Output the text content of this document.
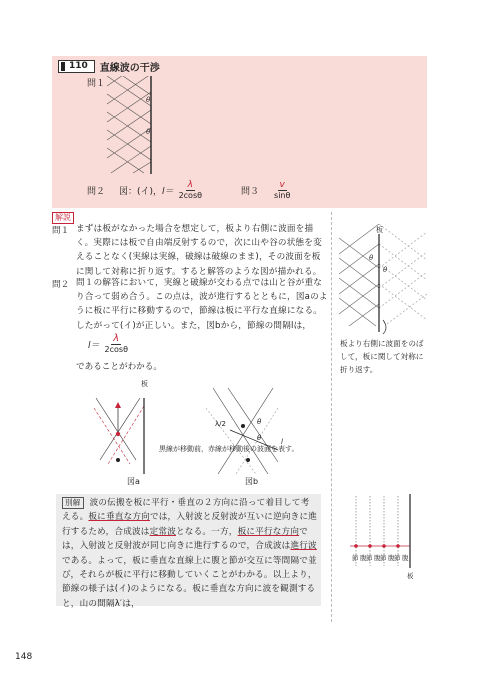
110	直線波の干渉
問１
θ
θ
問２ 図：(イ)， $l= \frac{\lambda}{2\cos\theta}$	問$3 \frac{v}{\sin\theta}$
解説
問１ まずは板がなかった場合を想定して，板より右側に波面を描く。実際には板で自由端反射するので，次に山や谷の状態を変えることなく(実線は実線，破線は破線のまま)，その波面を板に関して対称に折り返す。すると解答のような図が描かれる。
問２ 問１の解答において，実線と破線が交わる点では山と谷が重なり合って弱め合う。この点は，波が進行するとともに，図aのように板に平行に移動するので，節線は板に平行な直線になる。したがって(イ)が正しい。また，図bから，節線の間隔lは，
$l= \frac{\lambda}{2\cos\theta}$
であることがわかる。
板
θ
θ
板より右側に波面をのばして，板に関して対称に折り返す。
板
λ/2	θ
θ	l
黒線が移動前，赤線が移動後の波面を表す。
図a	図b
別解 波の伝搬を板に平行・垂直の２方向に沿って着目して考える。板に垂直な方向では，入射波と反射波が互いに逆向きに進行するため，合成波は定常波となる。一方，板に平行な方向では，入射波と反射波が同じ向きに進行するので，合成波は進行波である。よって，板に垂直な直線上に腹と節が交互に等間隔で並び，それらが板に平行に移動していくことがわかる。以上より，節線の様子は(イ)のようになる。板に垂直な方向に波を観測すると，山の間隔λ′は，
節 腹 節 腹 節 腹 節 腹
板
148
